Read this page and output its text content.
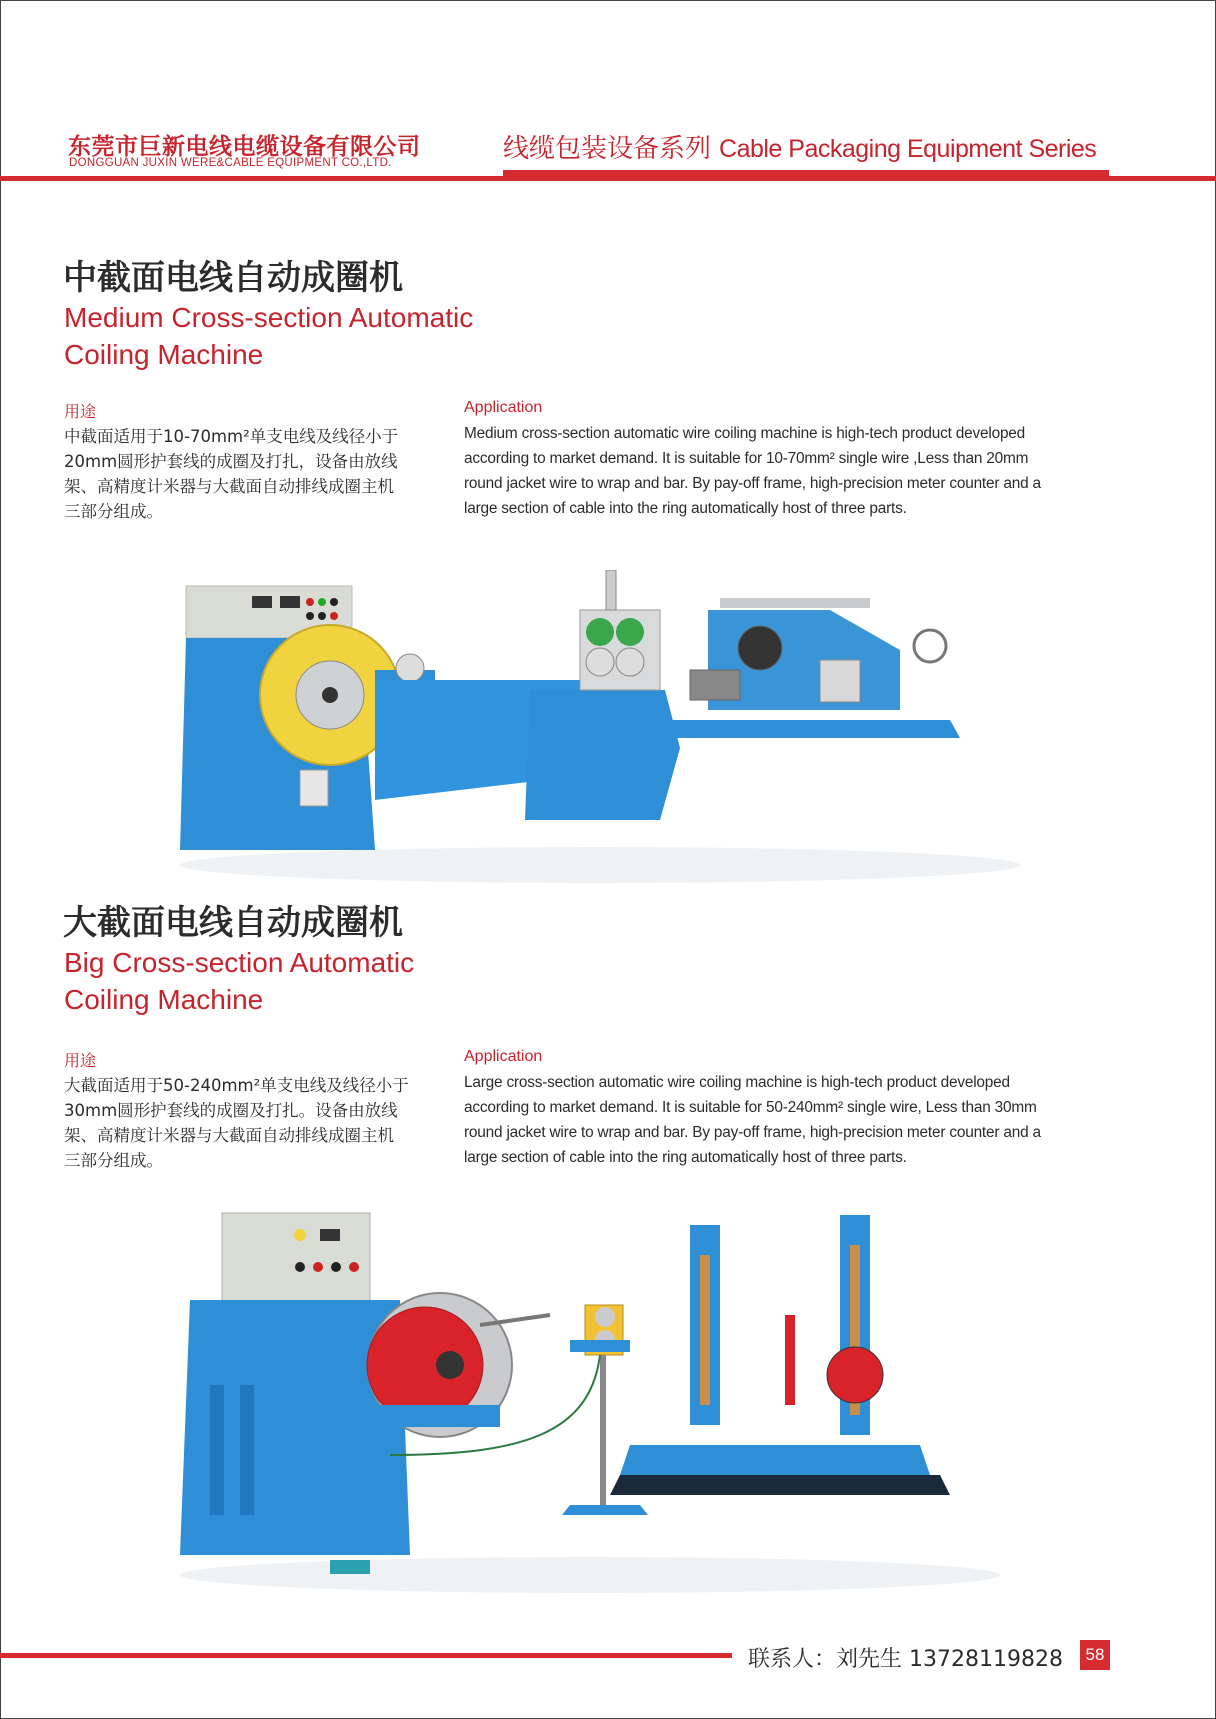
东莞市巨新电线电缆设备有限公司
DONGGUAN JUXIN WERE&CABLE EQUIPMENT CO.,LTD.	线缆包装设备系列 Cable Packaging Equipment Series
中截面电线自动成圈机
Medium Cross-section Automatic
Coiling Machine
用途
中截面适用于10-70mm²单支电线及线径小于20mm圆形护套线的成圈及打扎，设备由放线架、高精度计米器与大截面自动排线成圈主机三部分组成。
Application
Medium cross-section automatic wire coiling machine is high-tech product developed according to market demand. It is suitable for 10-70mm² single wire ,Less than 20mm round jacket wire to wrap and bar. By pay-off frame, high-precision meter counter and a large section of cable into the ring automatically host of three parts.
大截面电线自动成圈机
Big Cross-section Automatic
Coiling Machine
用途
大截面适用于50-240mm²单支电线及线径小于30mm圆形护套线的成圈及打扎。设备由放线架、高精度计米器与大截面自动排线成圈主机三部分组成。
Application
Large cross-section automatic wire coiling machine is high-tech product developed according to market demand. It is suitable for 50-240mm² single wire, Less than 30mm round jacket wire to wrap and bar. By pay-off frame, high-precision meter counter and a large section of cable into the ring automatically host of three parts.
联系人：刘先生 13728119828	58
